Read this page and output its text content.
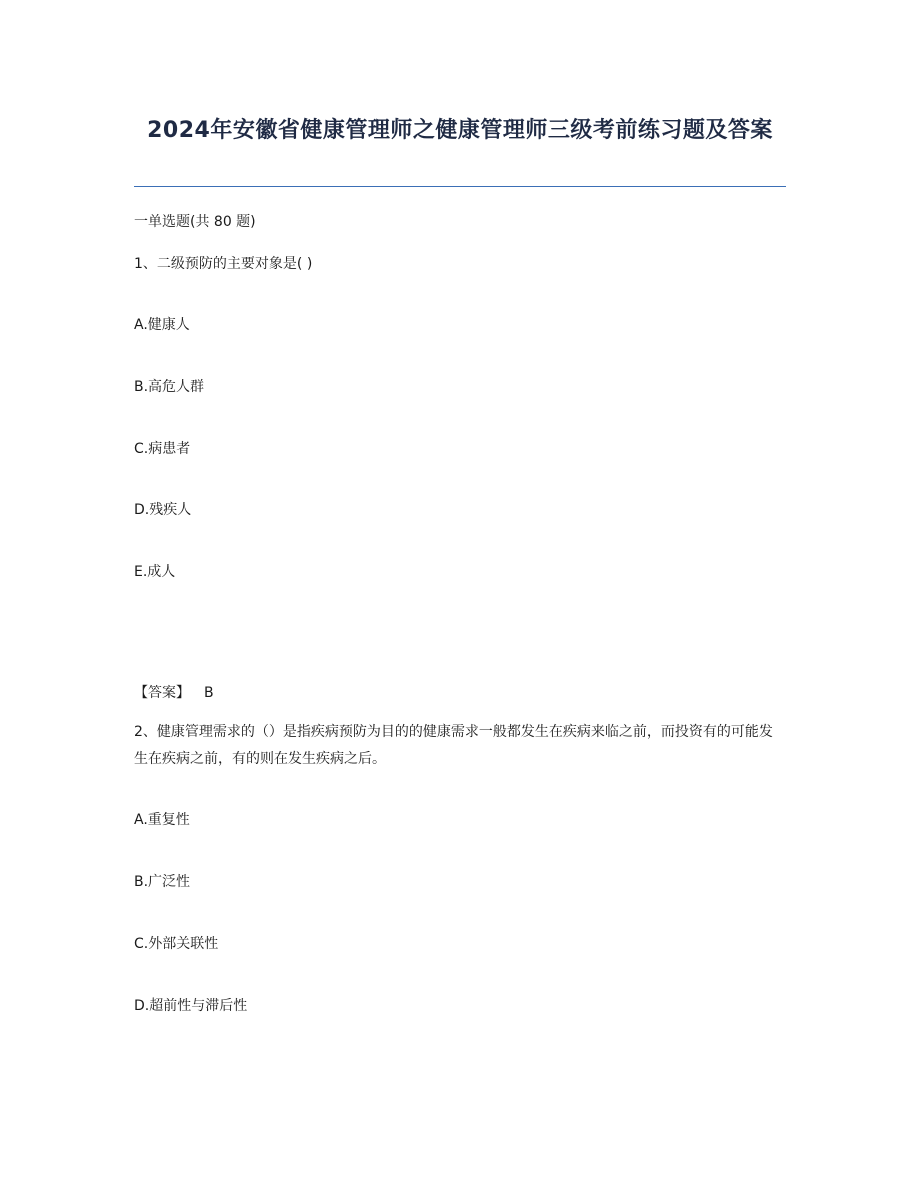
2024年安徽省健康管理师之健康管理师三级考前练习题及答案
一单选题(共 80 题)
1、二级预防的主要对象是( )
A.健康人
B.高危人群
C.病患者
D.残疾人
E.成人
【答案】 B
2、健康管理需求的（）是指疾病预防为目的的健康需求一般都发生在疾病来临之前，而投资有的可能发生在疾病之前，有的则在发生疾病之后。
A.重复性
B.广泛性
C.外部关联性
D.超前性与滞后性
